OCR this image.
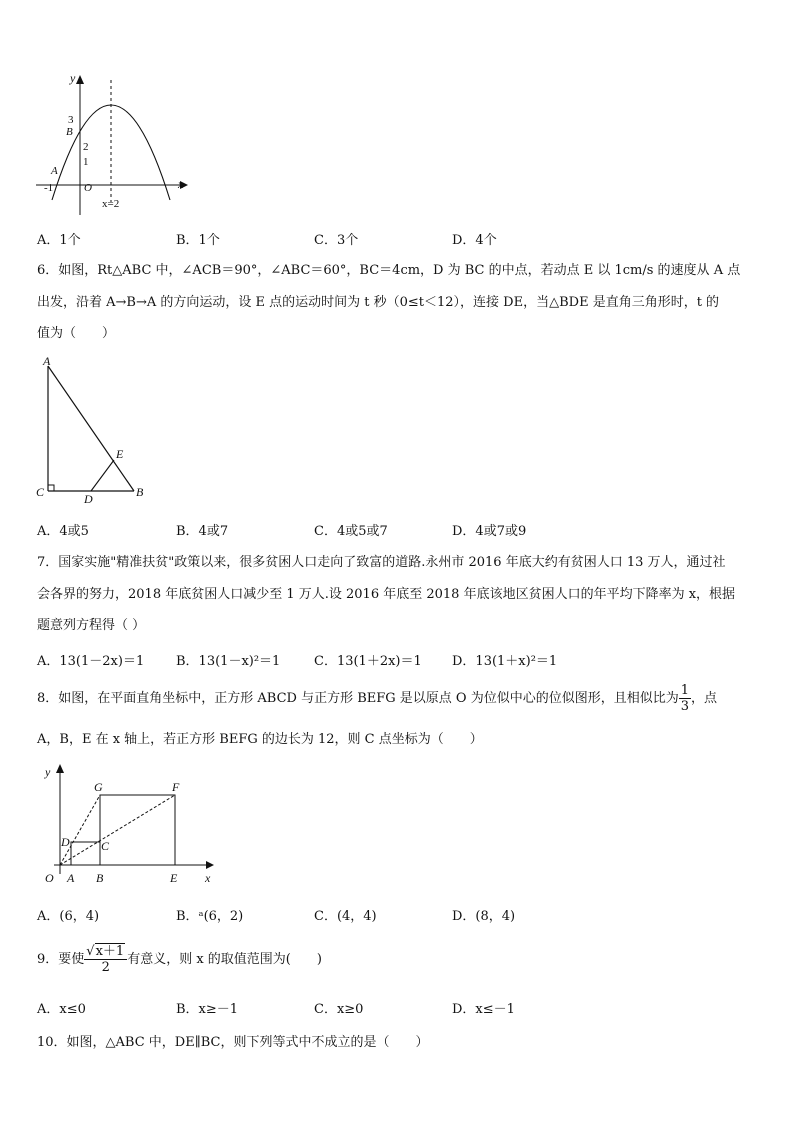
y
x
3
B
2
1
A
-1	O
x=2
A．1个	B．1个	C．3个	D．4个
6．如图，Rt△ABC 中，∠ACB＝90°，∠ABC＝60°，BC＝4cm，D 为 BC 的中点，若动点 E 以 1cm/s 的速度从 A 点
出发，沿着 A→B→A 的方向运动，设 E 点的运动时间为 t 秒（0≤t＜12），连接 DE，当△BDE 是直角三角形时，t 的
值为（　　）
A
E
C	D	B
A．4或5	B．4或7	C．4或5或7	D．4或7或9
7．国家实施"精准扶贫"政策以来，很多贫困人口走向了致富的道路.永州市 2016 年底大约有贫困人口 13 万人，通过社
会各界的努力，2018 年底贫困人口减少至 1 万人.设 2016 年底至 2018 年底该地区贫困人口的年平均下降率为 x，根据
题意列方程得（ ）
A．13(1－2x)＝1 B．13(1－x)²＝1	C．13(1＋2x)＝1 D．13(1＋x)²＝1
8．如图，在平面直角坐标中，正方形 ABCD 与正方形 BEFG 是以原点 O 为位似中心的位似图形，且相似比为 $\frac{1}{3}$ ，点
A，B，E 在 x 轴上，若正方形 BEFG 的边长为 12，则 C 点坐标为（　　）
y
G	F
D	C
O A B	E x
A．(6，4)	B．ᵃ(6，2)	C．(4，4)	D．(8，4)
9．要使 $\frac{√x+1}{2}$ 有意义，则 x 的取值范围为(　　)
A．x≤0	B．x≥－1	C．x≥0	D．x≤－1
10．如图，△ABC 中，DE∥BC，则下列等式中不成立的是（　　）
